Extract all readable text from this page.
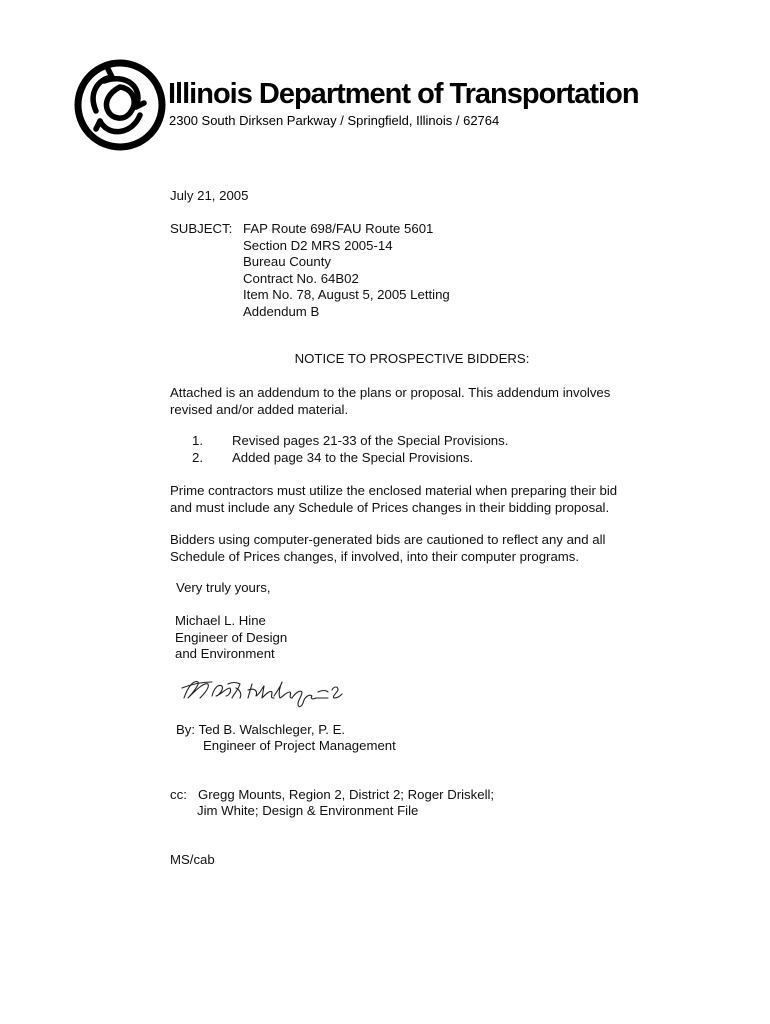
Illinois Department of Transportation
2300 South Dirksen Parkway / Springfield, Illinois / 62764
July 21, 2005
SUBJECT: FAP Route 698/FAU Route 5601
Section D2 MRS 2005-14
Bureau County
Contract No. 64B02
Item No. 78, August 5, 2005 Letting
Addendum B
NOTICE TO PROSPECTIVE BIDDERS:
Attached is an addendum to the plans or proposal. This addendum involves
revised and/or added material.
1. Revised pages 21-33 of the Special Provisions.
2. Added page 34 to the Special Provisions.
Prime contractors must utilize the enclosed material when preparing their bid
and must include any Schedule of Prices changes in their bidding proposal.
Bidders using computer-generated bids are cautioned to reflect any and all
Schedule of Prices changes, if involved, into their computer programs.
Very truly yours,
Michael L. Hine
Engineer of Design
and Environment
By: Ted B. Walschleger, P. E.
Engineer of Project Management
cc: Gregg Mounts, Region 2, District 2; Roger Driskell;
Jim White; Design & Environment File
MS/cab
